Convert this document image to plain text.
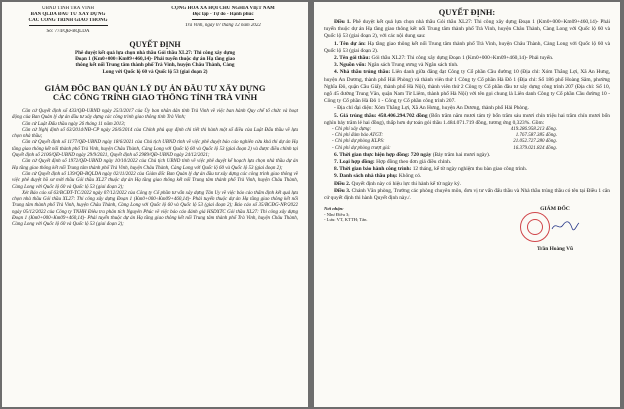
UBND TỈNH TRÀ VINH
BAN QLDA ĐẦU TƯ XÂY DỰNG
CÁC CÔNG TRÌNH GIAO THÔNG
Số: 774/QĐ-BQLDA
CỘNG HÒA XÃ HỘI CHỦ NGHĨA VIỆT NAM
Độc lập - Tự do - Hạnh phúc
Trà Vinh, ngày 07 tháng 12 năm 2022
QUYẾT ĐỊNH
Phê duyệt kết quả lựa chọn nhà thầu Gói thầu XL27: Thi công xây dựng
Đoạn 1 (Km0+000÷Km09+460,14)- Phải tuyến thuộc dự án Hạ tầng giao
thông kết nối Trung tâm thành phố Trà Vinh, huyện Châu Thành, Càng
Long với Quốc lộ 60 và Quốc lộ 53 (giai đoạn 2)
GIÁM ĐỐC BAN QUẢN LÝ DỰ ÁN ĐẦU TƯ XÂY DỰNG
CÁC CÔNG TRÌNH GIAO THÔNG TỈNH TRÀ VINH
Căn cứ Quyết định số 433/QĐ-UBND ngày 25/3/2017 của Ủy ban nhân dân tỉnh Trà Vinh về việc ban hành Quy chế tổ chức và hoạt động của Ban Quản lý dự án đầu tư xây dựng các công trình giao thông tỉnh Trà Vinh;
Căn cứ Luật Đấu thầu ngày 26 tháng 11 năm 2013;
Căn cứ Nghị định số 63/2014/NĐ-CP ngày 26/6/2014 của Chính phủ quy định chi tiết thi hành một số điều của Luật Đấu thầu về lựa chọn nhà thầu;
Căn cứ Quyết định số 1177/QĐ-UBND ngày 18/6/2021 của Chủ tịch UBND tỉnh về việc phê duyệt báo cáo nghiên cứu khả thi dự án Hạ tầng giao thông kết nối thành phố Trà Vinh, huyện Châu Thành, Càng Long với Quốc lộ 60 và Quốc lộ 53 (giai đoạn 2) và được điều chỉnh tại Quyết định số 2106/QĐ-UBND ngày 29/9/2021, Quyết định số 2989/QĐ-UBND ngày 24/12/2021;
Căn cứ Quyết định số 1972/QĐ-UBND ngày 10/10/2022 của Chủ tịch UBND tỉnh về việc phê duyệt kế hoạch lựa chọn nhà thầu dự án Hạ tầng giao thông kết nối Trung tâm thành phố Trà Vinh, huyện Châu Thành, Càng Long với Quốc lộ 60 và Quốc lộ 53 (giai đoạn 2);
Căn cứ Quyết định số 139/QĐ-BQLDA ngày 02/11/2022 của Giám đốc Ban Quản lý dự án đầu tư xây dựng các công trình giao thông về việc phê duyệt hồ sơ mời thầu Gói thầu XL27 thuộc dự án Hạ tầng giao thông kết nối Trung tâm thành phố Trà Vinh, huyện Châu Thành, Càng Long với Quốc lộ 60 và Quốc lộ 53 (giai đoạn 2);
Xét Báo cáo số 63/BCĐT-TC/2022 ngày 07/12/2022 của Công ty Cổ phần tư vấn xây dựng Tân Uy về việc báo cáo thẩm định kết quả lựa chọn nhà thầu Gói thầu XL27: Thi công xây dựng Đoạn 1 (Km0+000÷Km09+460,14)- Phải tuyến thuộc dự án Hạ tầng giao thông kết nối Trung tâm thành phố Trà Vinh, huyện Châu Thành, Càng Long với Quốc lộ 60 và Quốc lộ 53 (giai đoạn 2); Báo cáo số 35/BCĐG-NP/2022 ngày 05/12/2022 của Công ty TNHH Điêu tra phân tích Nguyên Phúc về việc báo cáo đánh giá HSDXTC Gói thầu XL27: Thi công xây dựng Đoạn 1 (Km0+000÷Km09+460,14)- Phải tuyến thuộc dự án Hạ tầng giao thông kết nối Trung tâm thành phố Trà Vinh, huyện Châu Thành, Càng Long với Quốc lộ 60 và Quốc lộ 53 (giai đoạn 2);
QUYẾT ĐỊNH:
Điều 1. Phê duyệt kết quả lựa chọn nhà thầu Gói thầu XL27: Thi công xây dựng Đoạn 1 (Km0+000÷Km09+460,14)- Phải tuyến thuộc dự án Hạ tầng giao thông kết nối Trung tâm thành phố Trà Vinh, huyện Châu Thành, Càng Long với Quốc lộ 60 và Quốc lộ 53 (giai đoạn 2), với các nội dung sau:
1. Tên dự án: Hạ tầng giao thông kết nối Trung tâm thành phố Trà Vinh, huyện Châu Thành, Càng Long với Quốc lộ 60 và Quốc lộ 53 (giai đoạn 2).
2. Tên gói thầu: Gói thầu XL27: Thi công xây dựng Đoạn 1 (Km0+000÷Km09+460,14)- Phải tuyến.
3. Nguồn vốn: Ngân sách Trung ương và Ngân sách tỉnh.
4. Nhà thầu trúng thầu: Liên danh giữa đăng đạt Công ty Cổ phần Cầu đường 10 (Địa chỉ: Xóm Thắng Lợi, Xã An Hưng, huyện An Dương, thành phố Hải Phòng) và thành viên thứ 1 Công ty Cổ phần Hà Đô 1 (Địa chỉ: Số 186 phố Hoàng Sâm, phường Nghĩa Đô, quận Cầu Giấy, thành phố Hà Nội), thành viên thứ 2 Công ty Cổ phần đầu tư xây dựng công trình 207 (Địa chỉ: Số 10, ngõ 45 đường Trung Văn, quận Nam Từ Liêm, thành phố Hà Nội) với tên gọi chung là Liên danh Công ty Cổ phần Cầu đường 10 - Công ty Cổ phần Hà Đô 1 - Công ty Cổ phần công trình 207.
- Địa chỉ đại diện: Xóm Thắng Lợi, Xã An Hưng, huyện An Dương, thành phố Hải Phòng.
5. Giá trúng thầu: 458.406.294.702 đồng (Bốn trăm năm mươi tám tỷ bốn trăm sáu mươi chín triệu hai trăm chín mươi bốn nghìn bảy trăm lẻ hai đồng), thấp hơn dự toán gói thầu 1.484.071.719 đồng, tương ứng 0,323%. Gồm:
- Chi phí xây dựng:	419.286.958.213 đồng.
- Chi phí đảm bảo ATGT:	1.767.587.385 đồng.
- Chi phí dự phòng KLPS:	21.052.727.280 đồng.
- Chi phí dự phòng trượt giá:	16.379.021.824 đồng.
6. Thời gian thực hiện hợp đồng: 720 ngày (Bảy trăm hai mươi ngày).
7. Loại hợp đồng: Hợp đồng theo đơn giá điều chỉnh.
8. Thời gian bảo hành công trình: 12 tháng, kể từ ngày nghiệm thu bàn giao công trình.
9. Danh sách nhà thầu phụ: Không có.
Điều 2. Quyết định này có hiệu lực thi hành kể từ ngày ký.
Điều 3. Chánh Văn phòng, Trưởng các phòng chuyên môn, đơn vị tư vấn đấu thầu và Nhà thầu trúng thầu có tên tại Điều 1 căn cứ quyết định thi hành Quyết định này./.
Nơi nhận:
- Như Điều 3;
- Lưu: VT, KTTH; Tân.
GIÁM ĐỐC
Trần Hoàng Vũ
